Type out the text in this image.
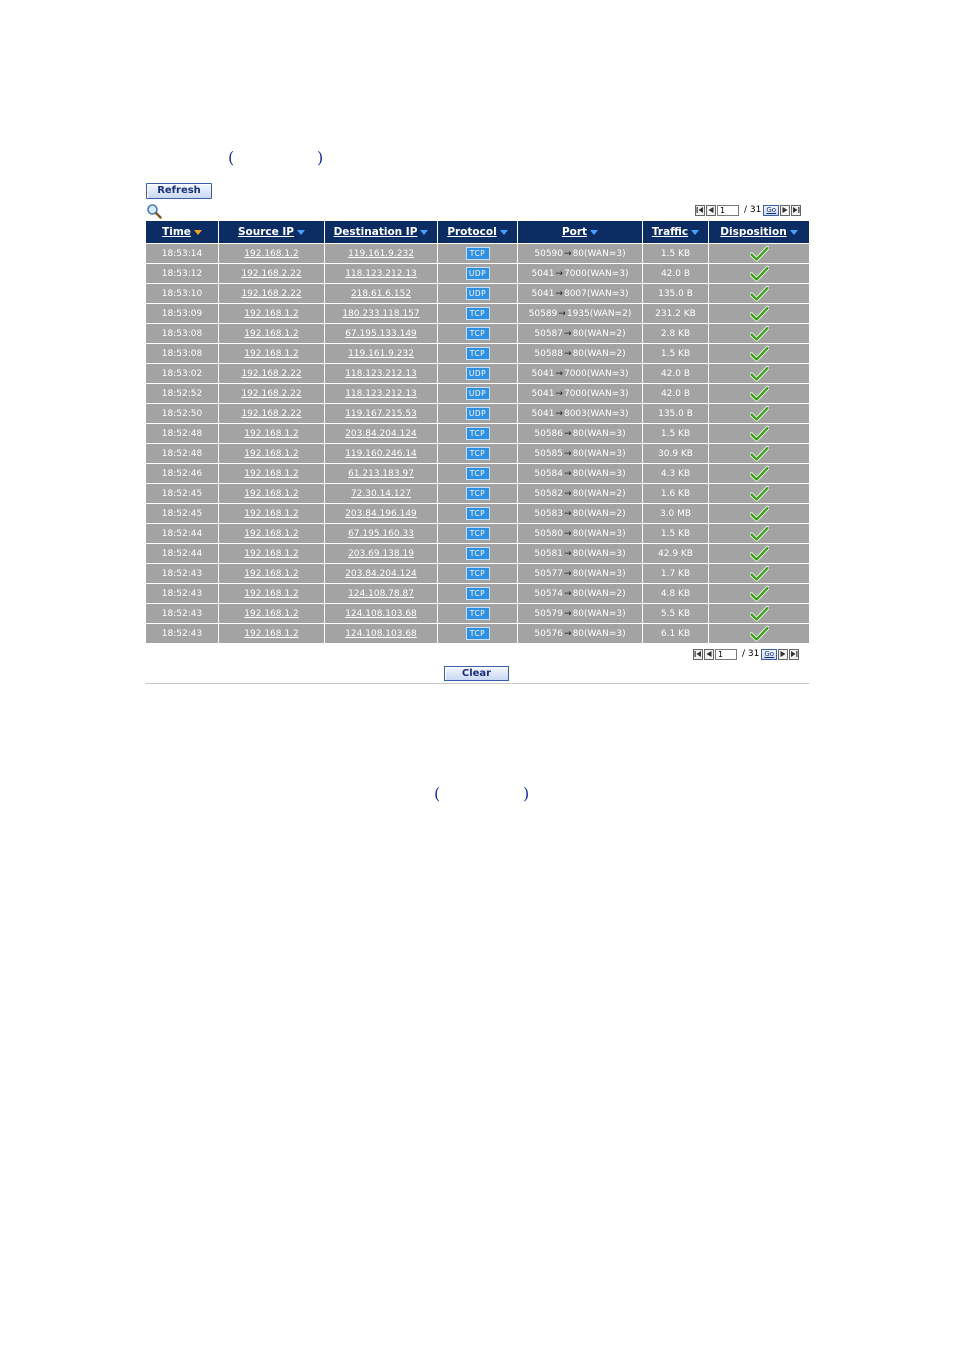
(	)
Refresh
1	/ 31 Go
Time	Source IP	Destination IP	Protocol	Port	Traffic	Disposition
18:53:14	192.168.1.2	119.161.9.232	TCP	50590→80(WAN=3)	1.5 KB	
18:53:12	192.168.2.22	118.123.212.13	UDP	5041→7000(WAN=3)	42.0 B	
18:53:10	192.168.2.22	218.61.6.152	UDP	5041→8007(WAN=3)	135.0 B	
18:53:09	192.168.1.2	180.233.118.157	TCP	50589→1935(WAN=2)	231.2 KB	
18:53:08	192.168.1.2	67.195.133.149	TCP	50587→80(WAN=2)	2.8 KB	
18:53:08	192.168.1.2	119.161.9.232	TCP	50588→80(WAN=2)	1.5 KB	
18:53:02	192.168.2.22	118.123.212.13	UDP	5041→7000(WAN=3)	42.0 B	
18:52:52	192.168.2.22	118.123.212.13	UDP	5041→7000(WAN=3)	42.0 B	
18:52:50	192.168.2.22	119.167.215.53	UDP	5041→8003(WAN=3)	135.0 B	
18:52:48	192.168.1.2	203.84.204.124	TCP	50586→80(WAN=3)	1.5 KB	
18:52:48	192.168.1.2	119.160.246.14	TCP	50585→80(WAN=3)	30.9 KB	
18:52:46	192.168.1.2	61.213.183.97	TCP	50584→80(WAN=3)	4.3 KB	
18:52:45	192.168.1.2	72.30.14.127	TCP	50582→80(WAN=2)	1.6 KB	
18:52:45	192.168.1.2	203.84.196.149	TCP	50583→80(WAN=2)	3.0 MB	
18:52:44	192.168.1.2	67.195.160.33	TCP	50580→80(WAN=3)	1.5 KB	
18:52:44	192.168.1.2	203.69.138.19	TCP	50581→80(WAN=3)	42.9 KB	
18:52:43	192.168.1.2	203.84.204.124	TCP	50577→80(WAN=3)	1.7 KB	
18:52:43	192.168.1.2	124.108.78.87	TCP	50574→80(WAN=2)	4.8 KB	
18:52:43	192.168.1.2	124.108.103.68	TCP	50579→80(WAN=3)	5.5 KB	
18:52:43	192.168.1.2	124.108.103.68	TCP	50576→80(WAN=3)	6.1 KB	
1	/ 31 Go
Clear
(	)
